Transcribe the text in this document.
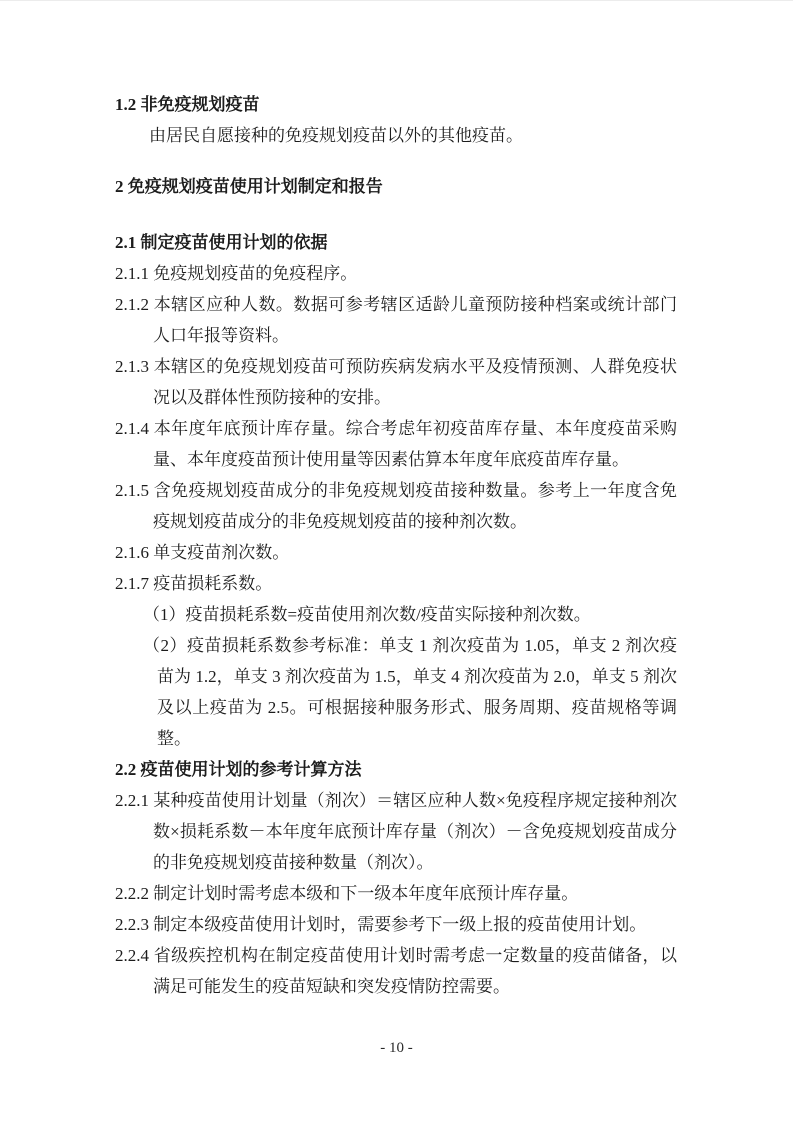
1.2 非免疫规划疫苗

由居民自愿接种的免疫规划疫苗以外的其他疫苗。

2 免疫规划疫苗使用计划制定和报告
2.1 制定疫苗使用计划的依据

2.1.1 免疫规划疫苗的免疫程序。

2.1.2 本辖区应种人数。数据可参考辖区适龄儿童预防接种档案或统计部门人口年报等资料。

2.1.3 本辖区的免疫规划疫苗可预防疾病发病水平及疫情预测、人群免疫状况以及群体性预防接种的安排。

2.1.4 本年度年底预计库存量。综合考虑年初疫苗库存量、本年度疫苗采购量、本年度疫苗预计使用量等因素估算本年度年底疫苗库存量。

2.1.5 含免疫规划疫苗成分的非免疫规划疫苗接种数量。参考上一年度含免疫规划疫苗成分的非免疫规划疫苗的接种剂次数。

2.1.6 单支疫苗剂次数。

2.1.7 疫苗损耗系数。

（1）疫苗损耗系数=疫苗使用剂次数/疫苗实际接种剂次数。

（2）疫苗损耗系数参考标准：单支 1 剂次疫苗为 1.05，单支 2 剂次疫苗为 1.2，单支 3 剂次疫苗为 1.5，单支 4 剂次疫苗为 2.0，单支 5 剂次及以上疫苗为 2.5。可根据接种服务形式、服务周期、疫苗规格等调整。

2.2 疫苗使用计划的参考计算方法

2.2.1 某种疫苗使用计划量（剂次）＝辖区应种人数×免疫程序规定接种剂次数×损耗系数－本年度年底预计库存量（剂次）－含免疫规划疫苗成分的非免疫规划疫苗接种数量（剂次）。

2.2.2 制定计划时需考虑本级和下一级本年度年底预计库存量。

2.2.3 制定本级疫苗使用计划时，需要参考下一级上报的疫苗使用计划。

2.2.4 省级疾控机构在制定疫苗使用计划时需考虑一定数量的疫苗储备，以满足可能发生的疫苗短缺和突发疫情防控需要。

- 10 -
